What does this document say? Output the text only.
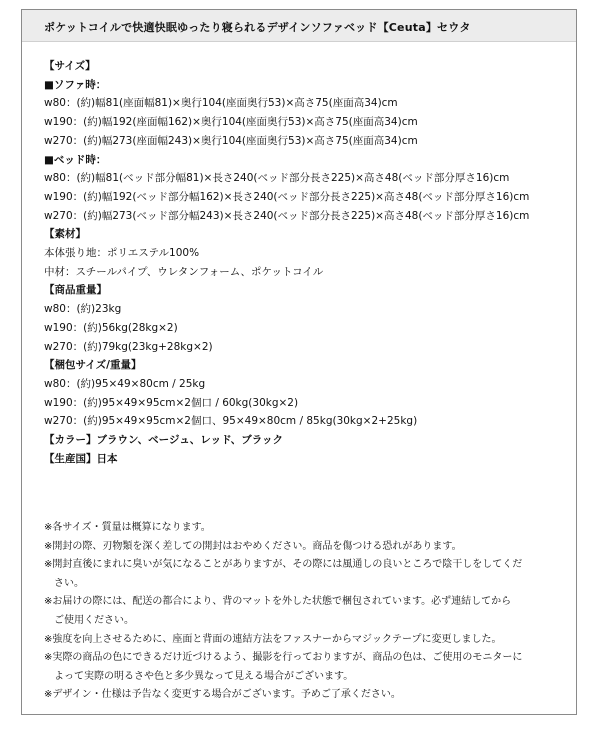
ポケットコイルで快適快眠ゆったり寝られるデザインソファベッド【Ceuta】セウタ
【サイズ】
■ソファ時：
w80：(約)幅81(座面幅81)×奥行104(座面奥行53)×高さ75(座面高34)cm
w190：(約)幅192(座面幅162)×奥行104(座面奥行53)×高さ75(座面高34)cm
w270：(約)幅273(座面幅243)×奥行104(座面奥行53)×高さ75(座面高34)cm
■ベッド時：
w80：(約)幅81(ベッド部分幅81)×長さ240(ベッド部分長さ225)×高さ48(ベッド部分厚さ16)cm
w190：(約)幅192(ベッド部分幅162)×長さ240(ベッド部分長さ225)×高さ48(ベッド部分厚さ16)cm
w270：(約)幅273(ベッド部分幅243)×長さ240(ベッド部分長さ225)×高さ48(ベッド部分厚さ16)cm
【素材】
本体張り地：ポリエステル100%
中材：スチールパイプ、ウレタンフォーム、ポケットコイル
【商品重量】
w80：(約)23kg
w190：(約)56kg(28kg×2)
w270：(約)79kg(23kg+28kg×2)
【梱包サイズ/重量】
w80：(約)95×49×80cm / 25kg
w190：(約)95×49×95cm×2個口 / 60kg(30kg×2)
w270：(約)95×49×95cm×2個口、95×49×80cm / 85kg(30kg×2+25kg)
【カラー】ブラウン、ベージュ、レッド、ブラック
【生産国】日本
※各サイズ・質量は概算になります。
※開封の際、刃物類を深く差しての開封はおやめください。商品を傷つける恐れがあります。
※開封直後にまれに臭いが気になることがありますが、その際には風通しの良いところで陰干しをしてくだ
　さい。
※お届けの際には、配送の都合により、背のマットを外した状態で梱包されています。必ず連結してから
　ご使用ください。
※強度を向上させるために、座面と背面の連結方法をファスナーからマジックテープに変更しました。
※実際の商品の色にできるだけ近づけるよう、撮影を行っておりますが、商品の色は、ご使用のモニターに
　よって実際の明るさや色と多少異なって見える場合がございます。
※デザイン・仕様は予告なく変更する場合がございます。予めご了承ください。
